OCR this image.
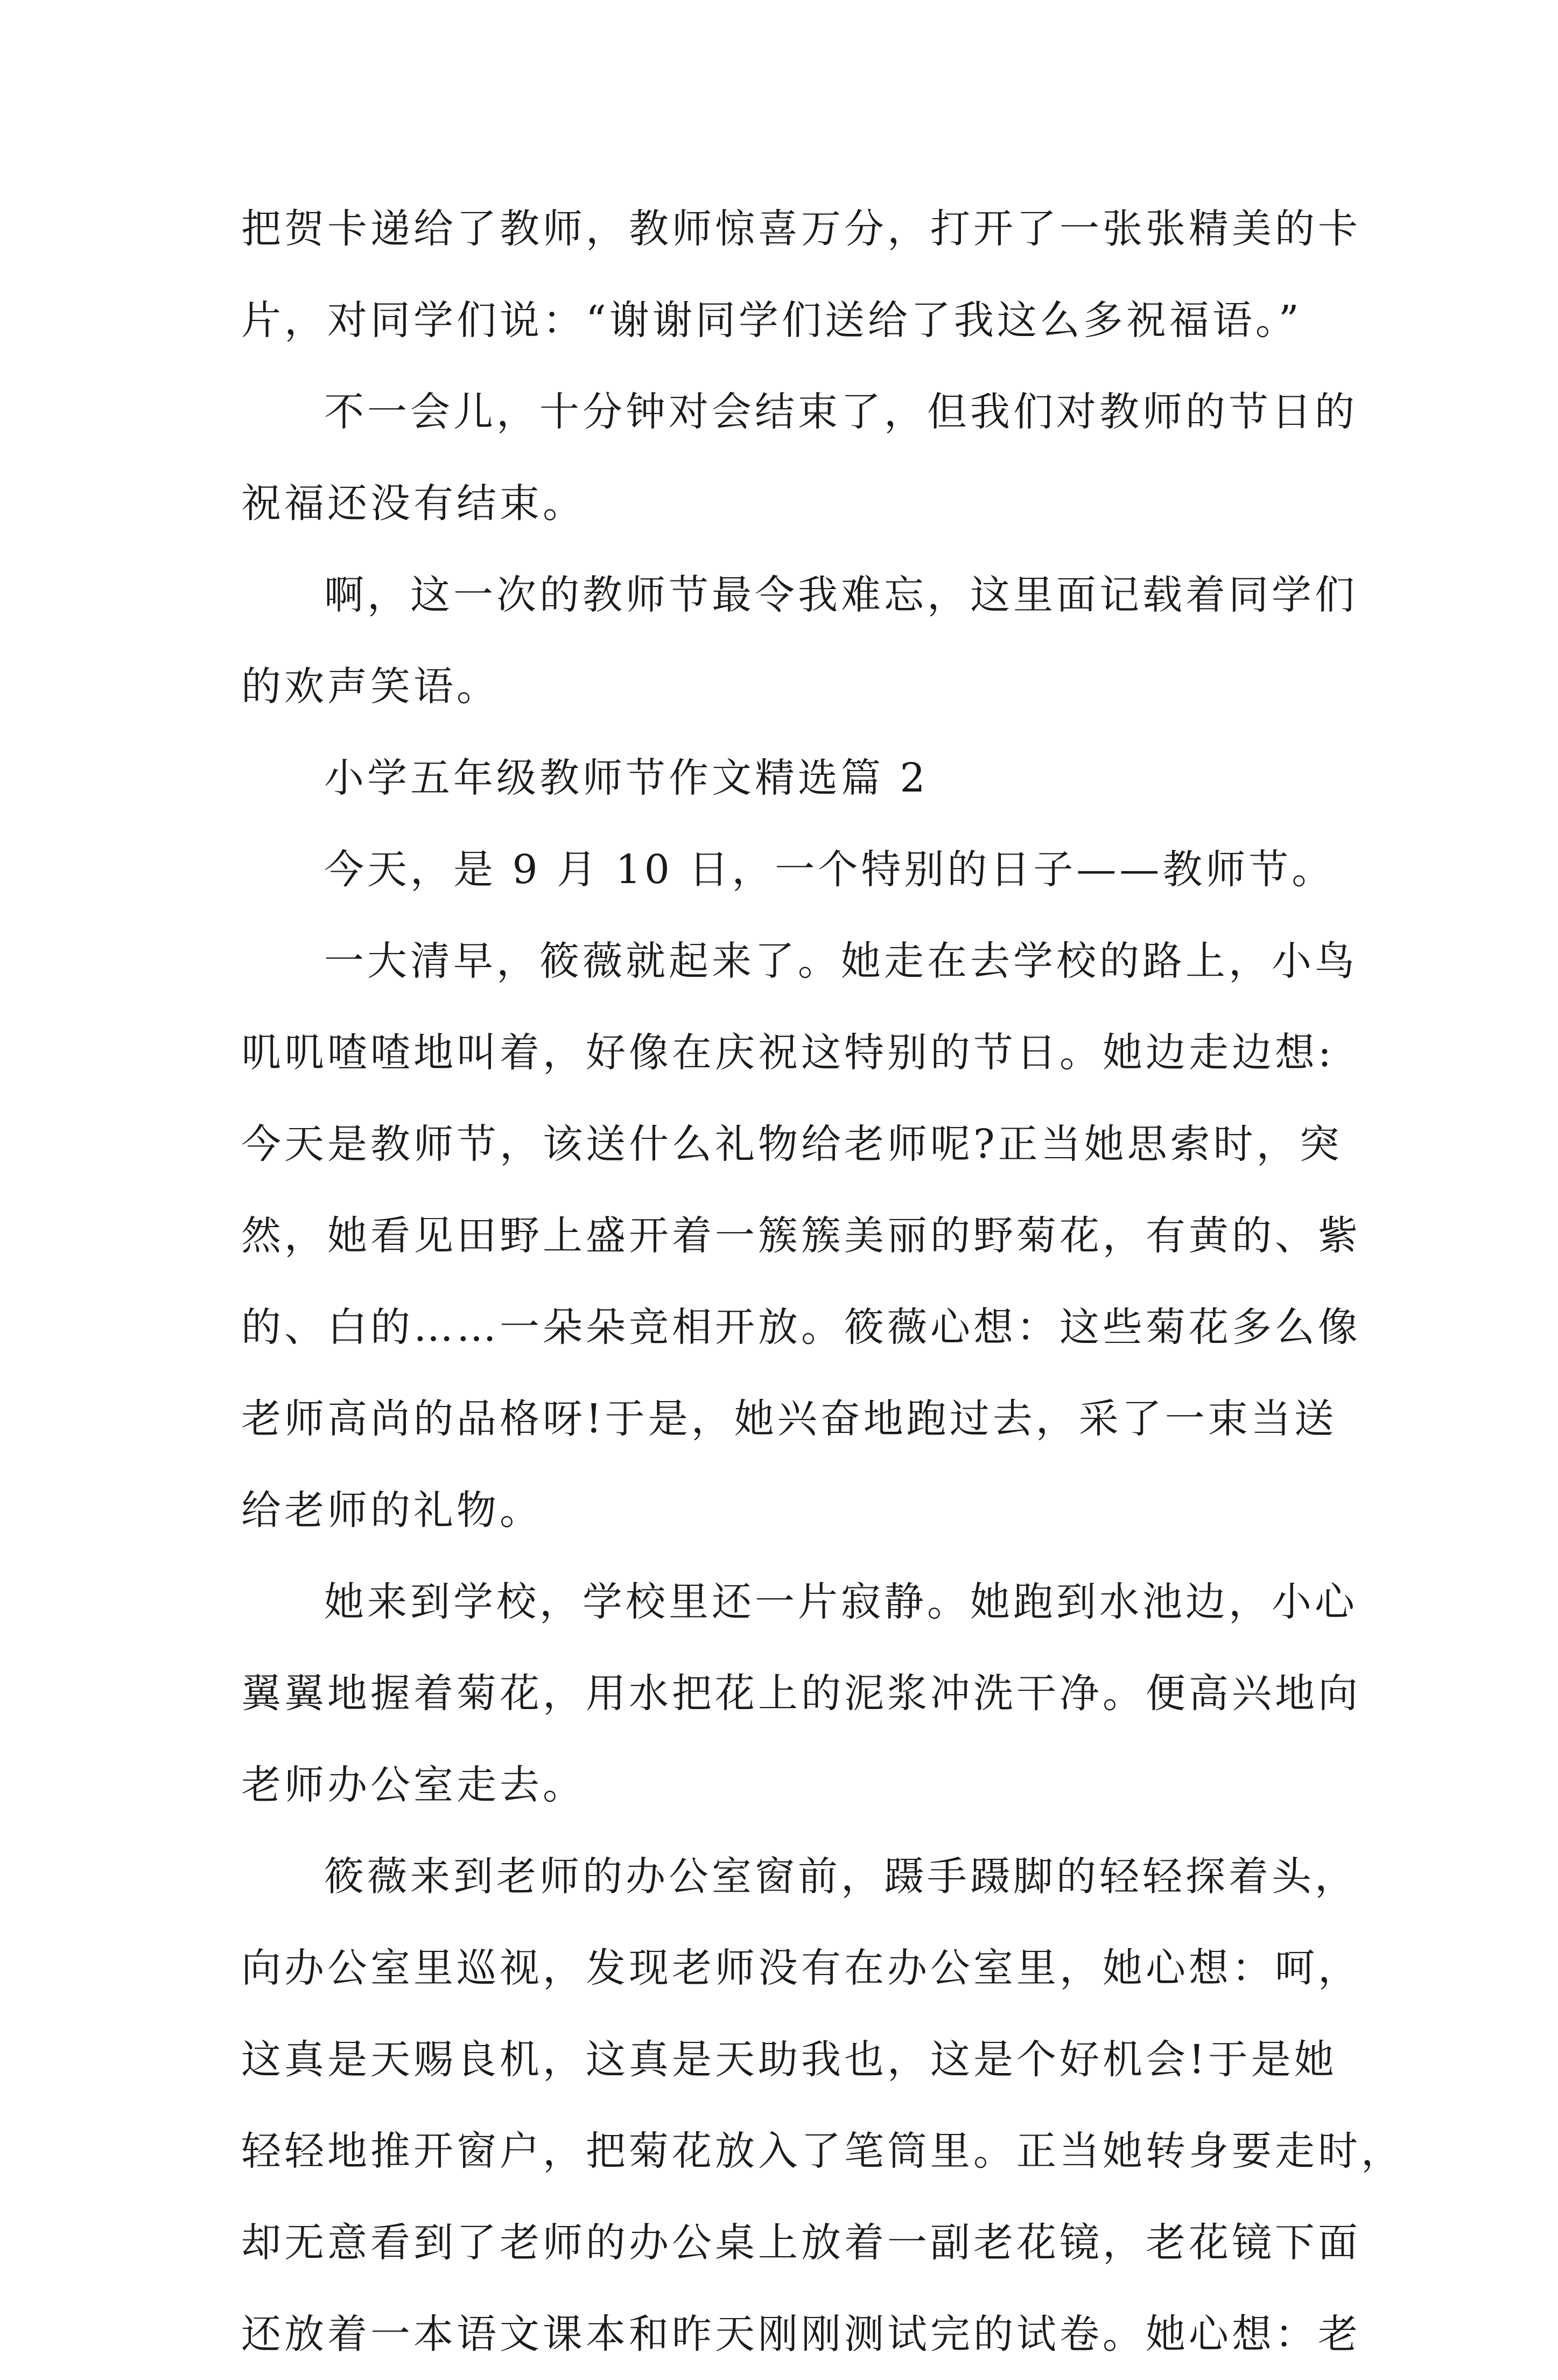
把贺卡递给了教师，教师惊喜万分，打开了一张张精美的卡
片，对同学们说：“谢谢同学们送给了我这么多祝福语。”
不一会儿，十分钟对会结束了，但我们对教师的节日的
祝福还没有结束。
啊，这一次的教师节最令我难忘，这里面记载着同学们
的欢声笑语。
小学五年级教师节作文精选篇 2
今天，是 9 月 10 日，一个特别的日子——教师节。
一大清早，筱薇就起来了。她走在去学校的路上，小鸟
叽叽喳喳地叫着，好像在庆祝这特别的节日。她边走边想:
今天是教师节，该送什么礼物给老师呢?正当她思索时，突
然，她看见田野上盛开着一簇簇美丽的野菊花，有黄的、紫
的、白的……一朵朵竞相开放。筱薇心想：这些菊花多么像
老师高尚的品格呀!于是，她兴奋地跑过去，采了一束当送
给老师的礼物。
她来到学校，学校里还一片寂静。她跑到水池边，小心
翼翼地握着菊花，用水把花上的泥浆冲洗干净。便高兴地向
老师办公室走去。
筱薇来到老师的办公室窗前，蹑手蹑脚的轻轻探着头，
向办公室里巡视，发现老师没有在办公室里，她心想：呵，
这真是天赐良机，这真是天助我也，这是个好机会!于是她
轻轻地推开窗户，把菊花放入了笔筒里。正当她转身要走时，
却无意看到了老师的办公桌上放着一副老花镜，老花镜下面
还放着一本语文课本和昨天刚刚测试完的试卷。她心想：老
